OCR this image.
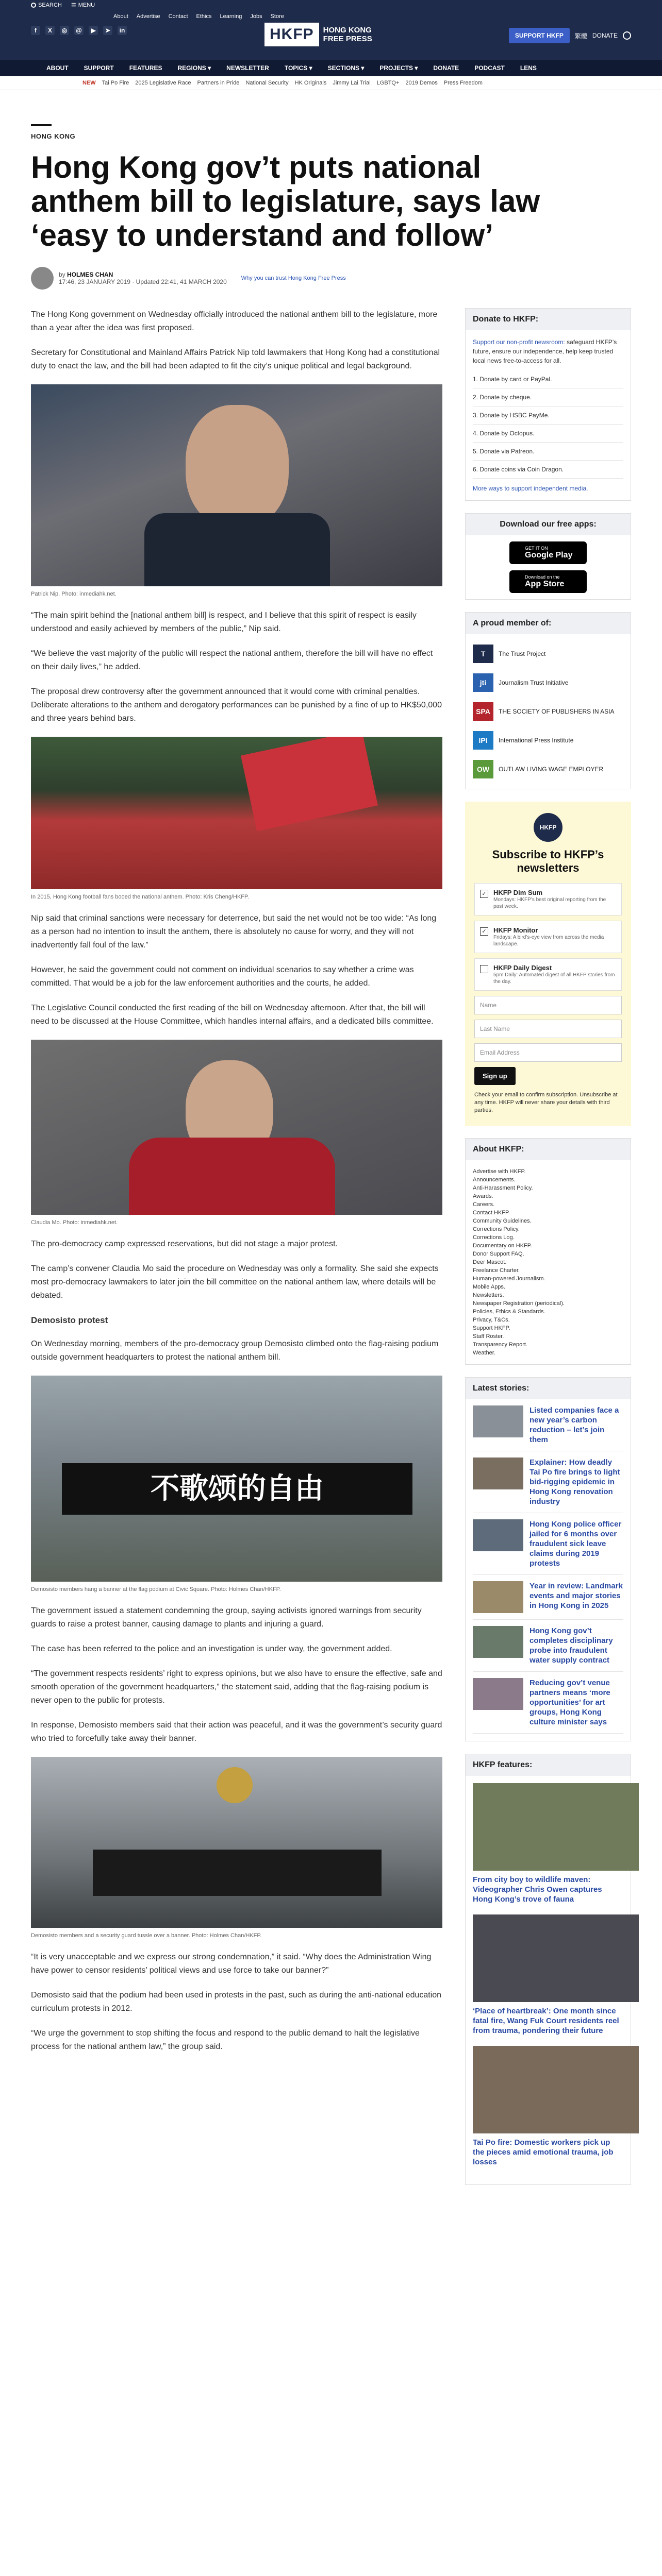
SEARCH ☰ MENU
About Advertise Contact Ethics Learning Jobs Store
f	X	◎	@	▶	➤	in	HKFP	HONG KONG
FREE PRESS	SUPPORT HKFP	繁體 DONATE
ABOUT	SUPPORT	FEATURES	REGIONS ▾	NEWSLETTER	TOPICS ▾	SECTIONS ▾	PROJECTS ▾	DONATE	PODCAST	LENS
NEW Tai Po Fire 2025 Legislative Race Partners in Pride National Security HK Originals Jimmy Lai Trial LGBTQ+ 2019 Demos Press Freedom
HONG KONG
Hong Kong gov’t puts national anthem bill to legislature, says law ‘easy to understand and follow’
by HOLMES CHAN
17:46, 23 JANUARY 2019 · Updated 22:41, 41 MARCH 2020	Why you can trust Hong Kong Free Press

The Hong Kong government on Wednesday officially introduced the national anthem bill to the legislature, more than a year after the idea was first proposed.

Secretary for Constitutional and Mainland Affairs Patrick Nip told lawmakers that Hong Kong had a constitutional duty to enact the law, and the bill had been adapted to fit the city’s unique political and legal background.

Patrick Nip. Photo: inmediahk.net.

“The main spirit behind the [national anthem bill] is respect, and I believe that this spirit of respect is easily understood and easily achieved by members of the public,” Nip said.

“We believe the vast majority of the public will respect the national anthem, therefore the bill will have no effect on their daily lives,” he added.

The proposal drew controversy after the government announced that it would come with criminal penalties. Deliberate alterations to the anthem and derogatory performances can be punished by a fine of up to HK$50,000 and three years behind bars.

In 2015, Hong Kong football fans booed the national anthem. Photo: Kris Cheng/HKFP.

Nip said that criminal sanctions were necessary for deterrence, but said the net would not be too wide: “As long as a person had no intention to insult the anthem, there is absolutely no cause for worry, and they will not inadvertently fall foul of the law.”

However, he said the government could not comment on individual scenarios to say whether a crime was committed. That would be a job for the law enforcement authorities and the courts, he added.

The Legislative Council conducted the first reading of the bill on Wednesday afternoon. After that, the bill will need to be discussed at the House Committee, which handles internal affairs, and a dedicated bills committee.

Claudia Mo. Photo: inmediahk.net.

The pro-democracy camp expressed reservations, but did not stage a major protest.

The camp’s convener Claudia Mo said the procedure on Wednesday was only a formality. She said she expects most pro-democracy lawmakers to later join the bill committee on the national anthem law, where details will be debated.

Demosisto protest

On Wednesday morning, members of the pro-democracy group Demosisto climbed onto the flag-raising podium outside government headquarters to protest the national anthem bill.

不歌颂的自由
Demosisto members hang a banner at the flag podium at Civic Square. Photo: Holmes Chan/HKFP.

The government issued a statement condemning the group, saying activists ignored warnings from security guards to raise a protest banner, causing damage to plants and injuring a guard.

The case has been referred to the police and an investigation is under way, the government added.

“The government respects residents’ right to express opinions, but we also have to ensure the effective, safe and smooth operation of the government headquarters,” the statement said, adding that the flag-raising podium is never open to the public for protests.

In response, Demosisto members said that their action was peaceful, and it was the government’s security guard who tried to forcefully take away their banner.

Demosisto members and a security guard tussle over a banner. Photo: Holmes Chan/HKFP.

“It is very unacceptable and we express our strong condemnation,” it said. “Why does the Administration Wing have power to censor residents’ political views and use force to take our banner?”

Demosisto said that the podium had been used in protests in the past, such as during the anti-national education curriculum protests in 2012.

“We urge the government to stop shifting the focus and respond to the public demand to halt the legislative process for the national anthem law,” the group said.

Donate to HKFP:

Support our non-profit newsroom: safeguard HKFP’s future, ensure our independence, help keep trusted local news free-to-access for all.

1. Donate by card or PayPal.
2. Donate by cheque.
3. Donate by HSBC PayMe.
4. Donate by Octopus.
5. Donate via Patreon.
6. Donate coins via Coin Dragon.

More ways to support independent media.

Download our free apps:
GET IT ON
Google Play
Download on the
App Store
A proud member of:
T	The Trust Project
jti	Journalism Trust Initiative
SPA	THE SOCIETY OF PUBLISHERS IN ASIA
IPI	International Press Institute
OW	OUTLAW LIVING WAGE EMPLOYER
HKFP
Subscribe to HKFP’s newsletters
✓ HKFP Dim Sum
Mondays: HKFP’s best original reporting from the past week.
✓ HKFP Monitor
Fridays: A bird’s-eye view from across the media landscape.
HKFP Daily Digest
5pm Daily: Automated digest of all HKFP stories from the day.
Name
Last Name
Email Address
Sign up
Check your email to confirm subscription. Unsubscribe at any time. HKFP will never share your details with third parties.
About HKFP:

Advertise with HKFP.

Announcements.

Anti-Harassment Policy.

Awards.

Careers.

Contact HKFP.

Community Guidelines.

Corrections Policy.

Corrections Log.

Documentary on HKFP.

Donor Support FAQ.

Deer Mascot.

Freelance Charter.

Human-powered Journalism.

Mobile Apps.

Newsletters.

Newspaper Registration (periodical).

Policies, Ethics & Standards.

Privacy, T&Cs.

Support HKFP.

Staff Roster.

Transparency Report.

Weather.

Latest stories:
Listed companies face a new year’s carbon reduction – let’s join them
Explainer: How deadly Tai Po fire brings to light bid-rigging epidemic in Hong Kong renovation industry
Hong Kong police officer jailed for 6 months over fraudulent sick leave claims during 2019 protests
Year in review: Landmark events and major stories in Hong Kong in 2025
Hong Kong gov’t completes disciplinary probe into fraudulent water supply contract
Reducing gov’t venue partners means ‘more opportunities’ for art groups, Hong Kong culture minister says
HKFP features:
From city boy to wildlife maven: Videographer Chris Owen captures Hong Kong’s trove of fauna
‘Place of heartbreak’: One month since fatal fire, Wang Fuk Court residents reel from trauma, pondering their future
Tai Po fire: Domestic workers pick up the pieces amid emotional trauma, job losses
